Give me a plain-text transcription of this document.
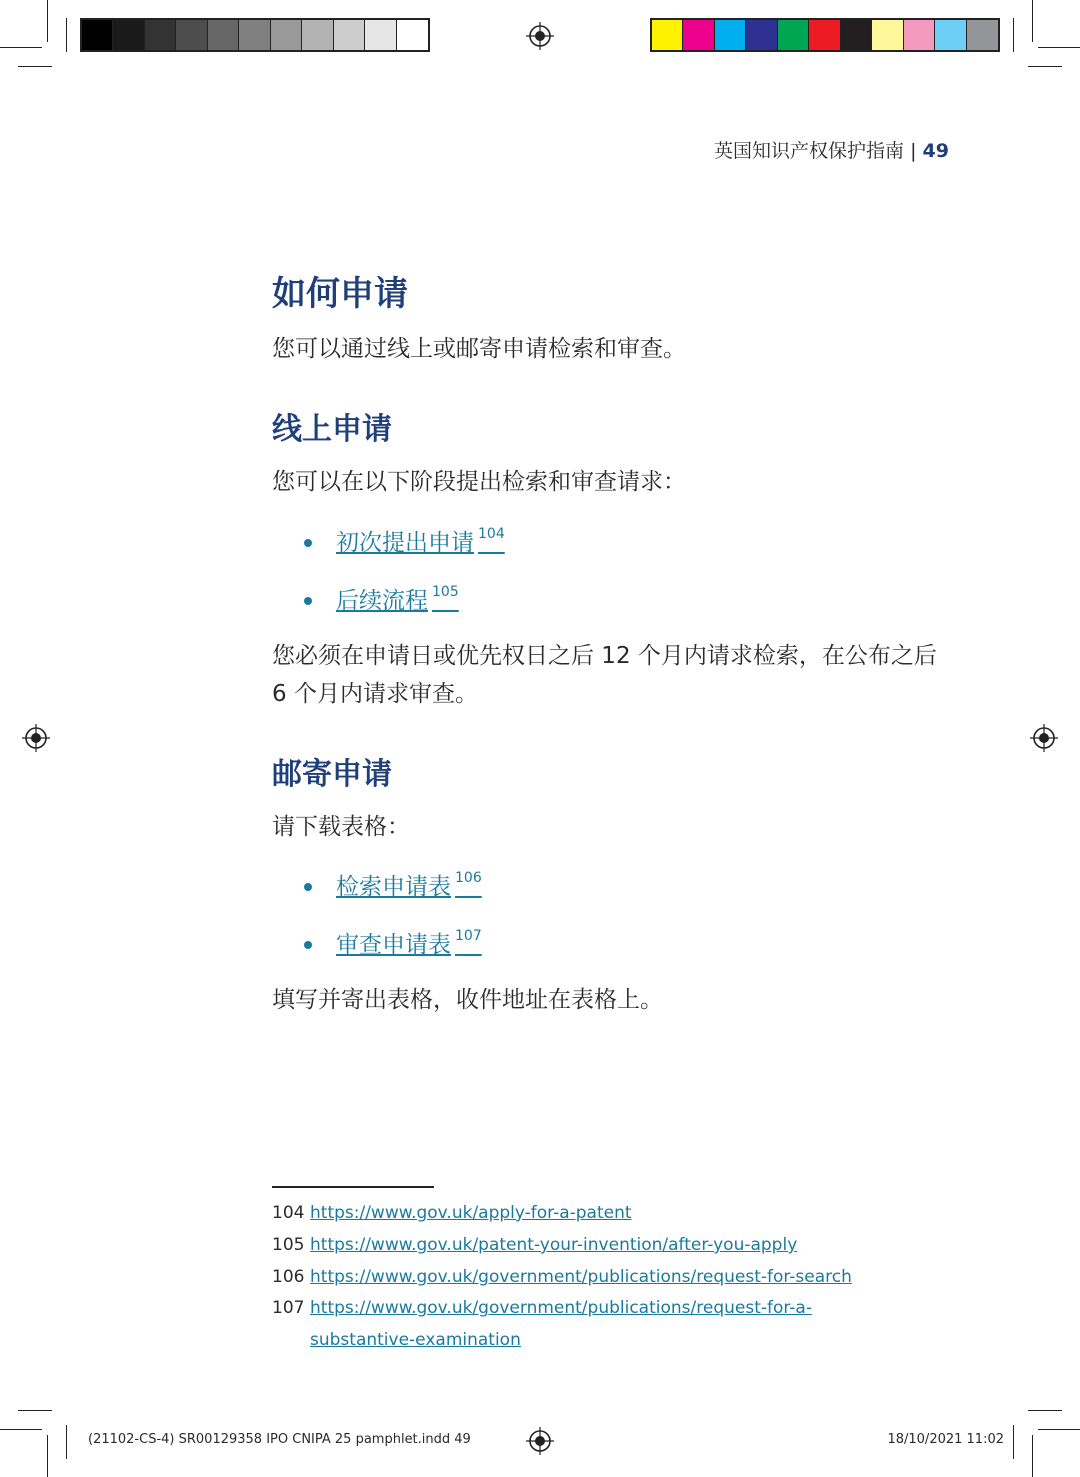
英国知识产权保护指南 | 49
如何申请
您可以通过线上或邮寄申请检索和审查。
线上申请
您可以在以下阶段提出检索和审查请求：
初次提出申请 $^{104}$
后续流程 $^{105}$
您必须在申请日或优先权日之后 12 个月内请求检索，在公布之后
6 个月内请求审查。
邮寄申请
请下载表格：
检索申请表 $^{106}$
审查申请表 $^{107}$
填写并寄出表格，收件地址在表格上。
104 https://www.gov.uk/apply-for-a-patent
105 https://www.gov.uk/patent-your-invention/after-you-apply
106 https://www.gov.uk/government/publications/request-for-search
107 https://www.gov.uk/government/publications/request-for-a-
substantive-examination
(21102-CS-4) SR00129358 IPO CNIPA 25 pamphlet.indd 49	18/10/2021 11:02
